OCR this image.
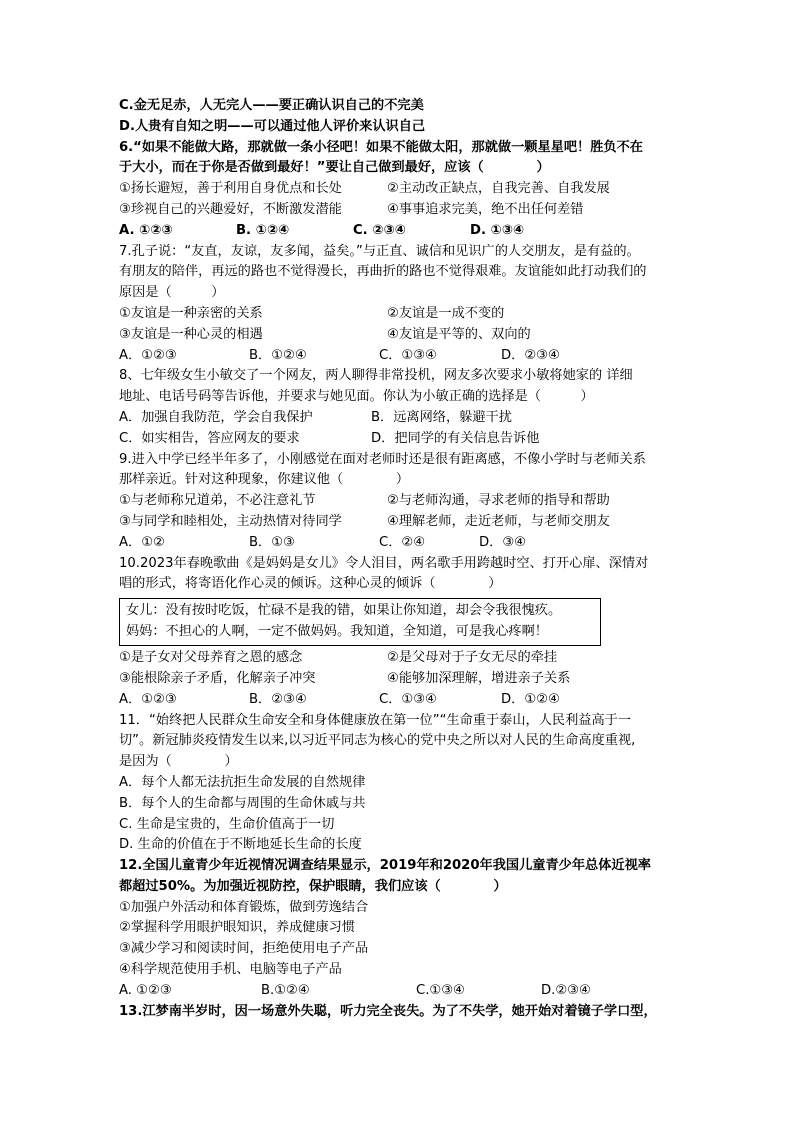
C.金无足赤，人无完人——要正确认识自己的不完美
D.人贵有自知之明——可以通过他人评价来认识自己
6.“如果不能做大路，那就做一条小径吧！如果不能做太阳，那就做一颗星星吧！胜负不在
于大小，而在于你是否做到最好！”要让自己做到最好，应该（　　　　）
①扬长避短，善于利用自身优点和长处	②主动改正缺点，自我完善、自我发展
③珍视自己的兴趣爱好，不断激发潜能	④事事追求完美，绝不出任何差错
A. ①②③	B. ①②④	C. ②③④	D. ①③④
7.孔子说：“友直，友谅，友多闻，益矣。”与正直、诚信和见识广的人交朋友，是有益的。
有朋友的陪伴，再远的路也不觉得漫长，再曲折的路也不觉得艰难。友谊能如此打动我们的
原因是（　　　）
①友谊是一种亲密的关系	②友谊是一成不变的
③友谊是一种心灵的相遇	④友谊是平等的、双向的
A．①②③	B．①②④	C．①③④	D．②③④
8、七年级女生小敏交了一个网友，两人聊得非常投机，网友多次要求小敏将她家的 详细
地址、电话号码等告诉他，并要求与她见面。你认为小敏正确的选择是（　　　）
A．加强自我防范，学会自我保护	B．远离网络，躲避干扰
C．如实相告，答应网友的要求	D．把同学的有关信息告诉他
9.进入中学已经半年多了，小刚感觉在面对老师时还是很有距离感，不像小学时与老师关系
那样亲近。针对这种现象，你建议他（　　　　）
①与老师称兄道弟，不必注意礼节	②与老师沟通，寻求老师的指导和帮助
③与同学和睦相处，主动热情对待同学	④理解老师，走近老师，与老师交朋友
A．①②	B．①③	C．②④	D．③④
10.2023年春晚歌曲《是妈妈是女儿》令人泪目，两名歌手用跨越时空、打开心扉、深情对
唱的形式，将寄语化作心灵的倾诉。这种心灵的倾诉（　　　　）
女儿：没有按时吃饭，忙碌不是我的错，如果让你知道，却会令我很愧疚。
妈妈：不担心的人啊，一定不做妈妈。我知道，全知道，可是我心疼啊！
①是子女对父母养育之恩的感念	②是父母对于子女无尽的牵挂
③能根除亲子矛盾，化解亲子冲突	④能够加深理解，增进亲子关系
A．①②③	B．②③④	C．①③④	D．①②④
11．“始终把人民群众生命安全和身体健康放在第一位”“生命重于泰山，人民利益高于一
切”。新冠肺炎疫情发生以来,以习近平同志为核心的党中央之所以对人民的生命高度重视,
是因为（　　　　）
A．每个人都无法抗拒生命发展的自然规律
B．每个人的生命都与周围的生命休戚与共
C. 生命是宝贵的，生命价值高于一切
D. 生命的价值在于不断地延长生命的长度
12.全国儿童青少年近视情况调查结果显示，2019年和2020年我国儿童青少年总体近视率
都超过50%。为加强近视防控，保护眼睛，我们应该（　　　　）
①加强户外活动和体育锻炼，做到劳逸结合
②掌握科学用眼护眼知识，养成健康习惯
③减少学习和阅读时间，拒绝使用电子产品
④科学规范使用手机、电脑等电子产品
A. ①②③	B.①②④	C.①③④	D.②③④
13.江梦南半岁时，因一场意外失聪，听力完全丧失。为了不失学，她开始对着镜子学口型，
